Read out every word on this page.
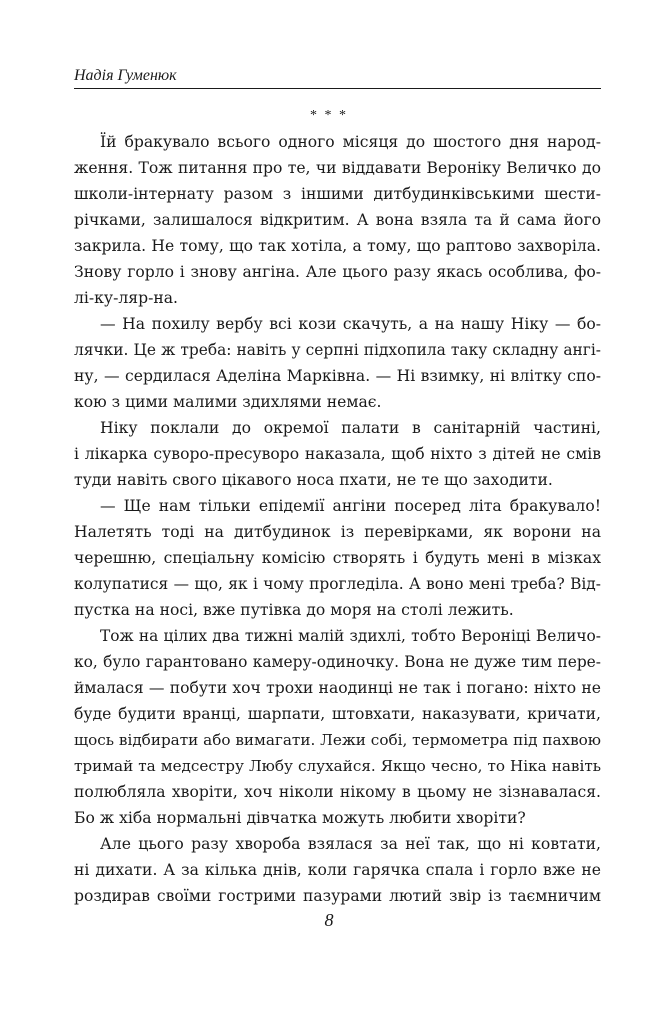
Надія Гуменюк
* * *
Їй бракувало всього одного місяця до шостого дня народ-
ження. Тож питання про те, чи віддавати Вероніку Величко до
школи-інтернату разом з іншими дитбудинківськими шести-
річками, залишалося відкритим. А вона взяла та й сама його
закрила. Не тому, що так хотіла, а тому, що раптово захворіла.
Знову горло і знову ангіна. Але цього разу якась особлива, фо-
лі-ку-ляр-на.
— На похилу вербу всі кози скачуть, а на нашу Ніку — бо-
лячки. Це ж треба: навіть у серпні підхопила таку складну ангі-
ну, — сердилася Аделіна Марківна. — Ні взимку, ні влітку спо-
кою з цими малими здихлями немає.
Ніку поклали до окремої палати в санітарній частині,
і лікарка суворо-пресуворо наказала, щоб ніхто з дітей не смів
туди навіть свого цікавого носа пхати, не те що заходити.
— Ще нам тільки епідемії ангіни посеред літа бракувало!
Налетять тоді на дитбудинок із перевірками, як ворони на
черешню, спеціальну комісію створять і будуть мені в мізках
колупатися — що, як і чому прогледіла. А воно мені треба? Від-
пустка на носі, вже путівка до моря на столі лежить.
Тож на цілих два тижні малій здихлі, тобто Вероніці Величо-
ко, було гарантовано камеру-одиночку. Вона не дуже тим пере-
ймалася — побути хоч трохи наодинці не так і погано: ніхто не
буде будити вранці, шарпати, штовхати, наказувати, кричати,
щось відбирати або вимагати. Лежи собі, термометра під пахвою
тримай та медсестру Любу слухайся. Якщо чесно, то Ніка навіть
полюбляла хворіти, хоч ніколи нікому в цьому не зізнавалася.
Бо ж хіба нормальні дівчатка можуть любити хворіти?
Але цього разу хвороба взялася за неї так, що ні ковтати,
ні дихати. А за кілька днів, коли гарячка спала і горло вже не
роздирав своїми гострими пазурами лютий звір із таємничим
8
